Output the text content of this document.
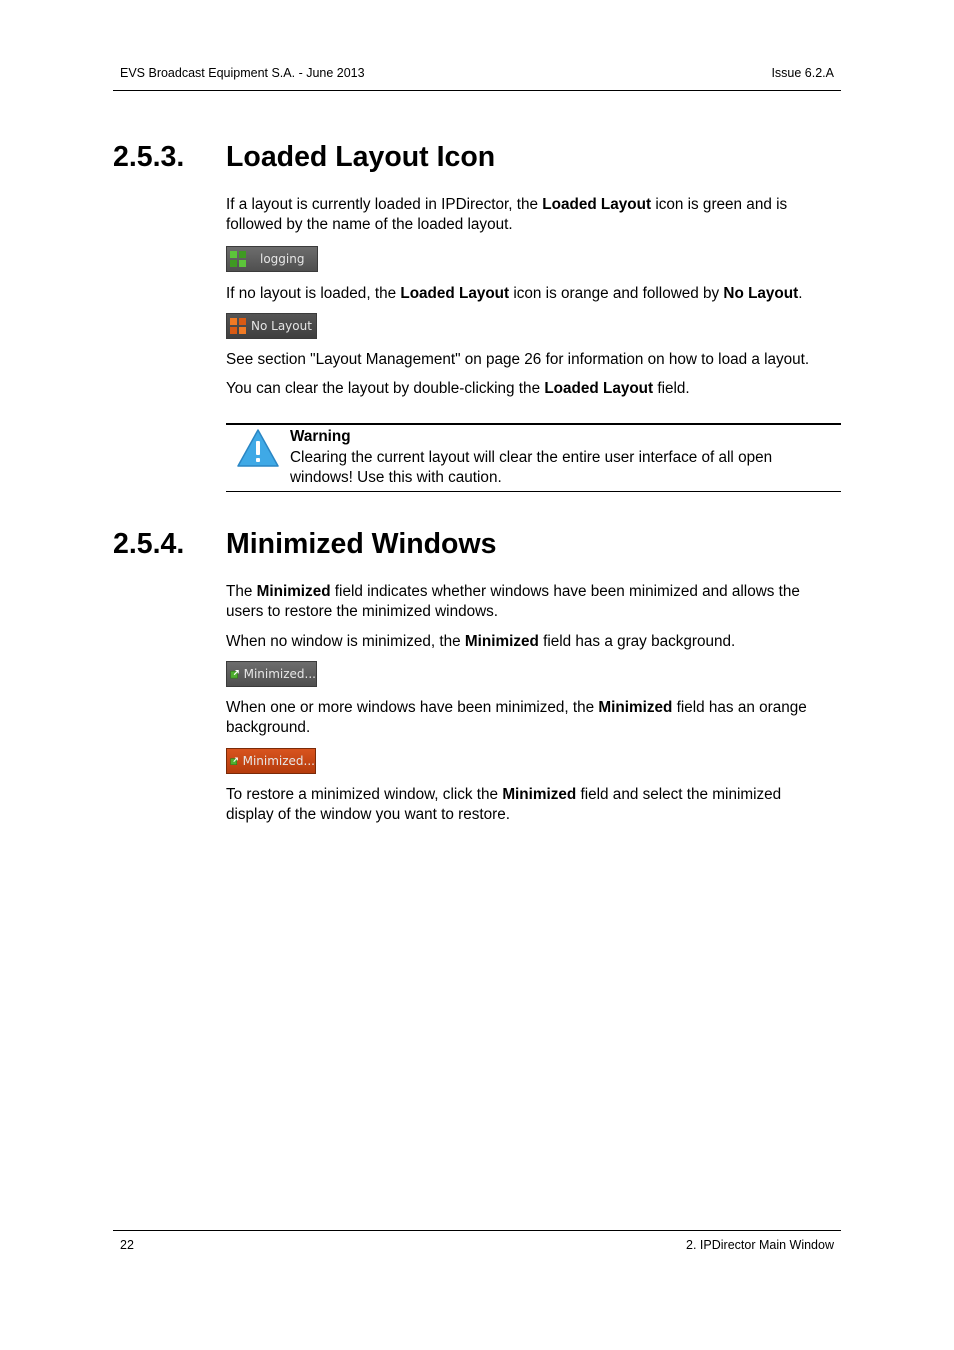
EVS Broadcast Equipment S.A. - June 2013	Issue 6.2.A
2.5.3. Loaded Layout Icon

If a layout is currently loaded in IPDirector, the Loaded Layout icon is green and is followed by the name of the loaded layout.

logging

If no layout is loaded, the Loaded Layout icon is orange and followed by No Layout.

No Layout

See section "Layout Management" on page 26 for information on how to load a layout.

You can clear the layout by double-clicking the Loaded Layout field.

Warning
Clearing the current layout will clear the entire user interface of all open windows! Use this with caution.
2.5.4. Minimized Windows

The Minimized field indicates whether windows have been minimized and allows the users to restore the minimized windows.

When no window is minimized, the Minimized field has a gray background.

Minimized...

When one or more windows have been minimized, the Minimized field has an orange background.

Minimized...

To restore a minimized window, click the Minimized field and select the minimized display of the window you want to restore.

22	2. IPDirector Main Window
